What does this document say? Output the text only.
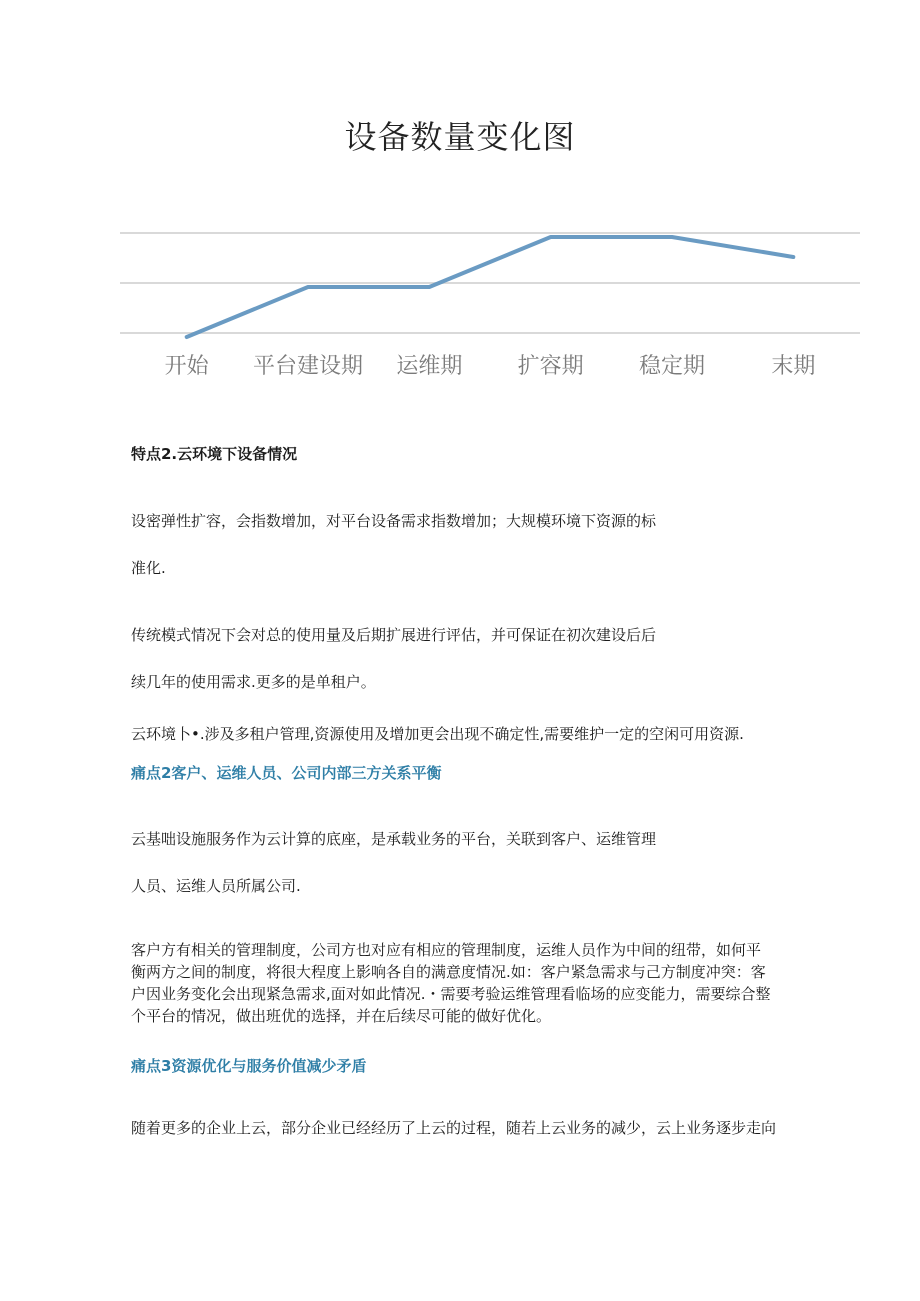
设备数量变化图
开始 平台建设期 运维期	扩容期	稳定期	末期
特点2.云环境下设备情况
设密弹性扩容，会指数增加，对平台设备需求指数增加；大规模环境下资源的标
准化.
传统模式情况下会对总的使用量及后期扩展进行评估，并可保证在初次建设后后
续几年的使用需求.更多的是单租户。
云环境卜•.涉及多租户管理,资源使用及增加更会出现不确定性,需要维护一定的空闲可用资源.
痛点2客户、运维人员、公司内部三方关系平衡
云基咄设施服务作为云计算的底座，是承载业务的平台，关联到客户、运维管理
人员、运维人员所属公司.
客户方有相关的管理制度，公司方也对应有相应的管理制度，运维人员作为中间的纽带，如何平
衡两方之间的制度，将很大程度上影响各自的满意度情况.如：客户紧急需求与己方制度冲突：客
户因业务变化会出现紧急需求,面对如此情况.・需要考验运维管理看临场的应变能力，需要综合整
个平台的情况，做出班优的选择，并在后续尽可能的做好优化。
痛点3资源优化与服务价值减少矛盾
随着更多的企业上云，部分企业已经经历了上云的过程，随若上云业务的减少，云上业务逐步走向
